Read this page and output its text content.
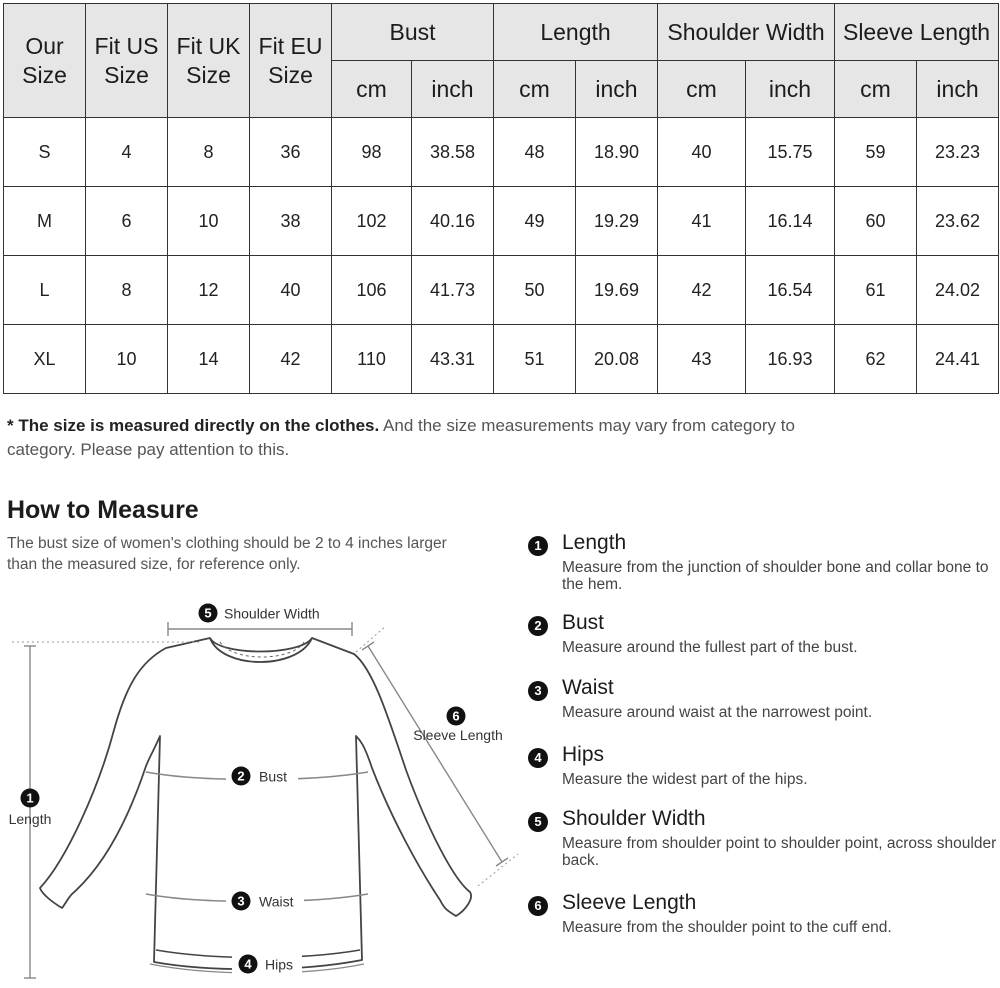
Our Size	Fit US Size	Fit UK Size	Fit EU Size	Bust		Length		Shoulder Width		Sleeve Length	
				cm	inch	cm	inch	cm	inch	cm	inch
S	4	8	36	98	38.58	48	18.90	40	15.75	59	23.23
M	6	10	38	102	40.16	49	19.29	41	16.14	60	23.62
L	8	12	40	106	41.73	50	19.69	42	16.54	61	24.02
XL	10	14	42	110	43.31	51	20.08	43	16.93	62	24.41
* The size is measured directly on the clothes. And the size measurements may vary from category to category. Please pay attention to this.
How to Measure
The bust size of women's clothing should be 2 to 4 inches larger than the measured size, for reference only.
5 Shoulder Width
1
Length
6
Sleeve Length
2 Bust
3 Waist
4 Hips
1 Length
Measure from the junction of shoulder bone and collar bone to the hem.
2 Bust
Measure around the fullest part of the bust.
3 Waist
Measure around waist at the narrowest point.
4 Hips
Measure the widest part of the hips.
5 Shoulder Width
Measure from shoulder point to shoulder point, across shoulder back.
6 Sleeve Length
Measure from the shoulder point to the cuff end.
